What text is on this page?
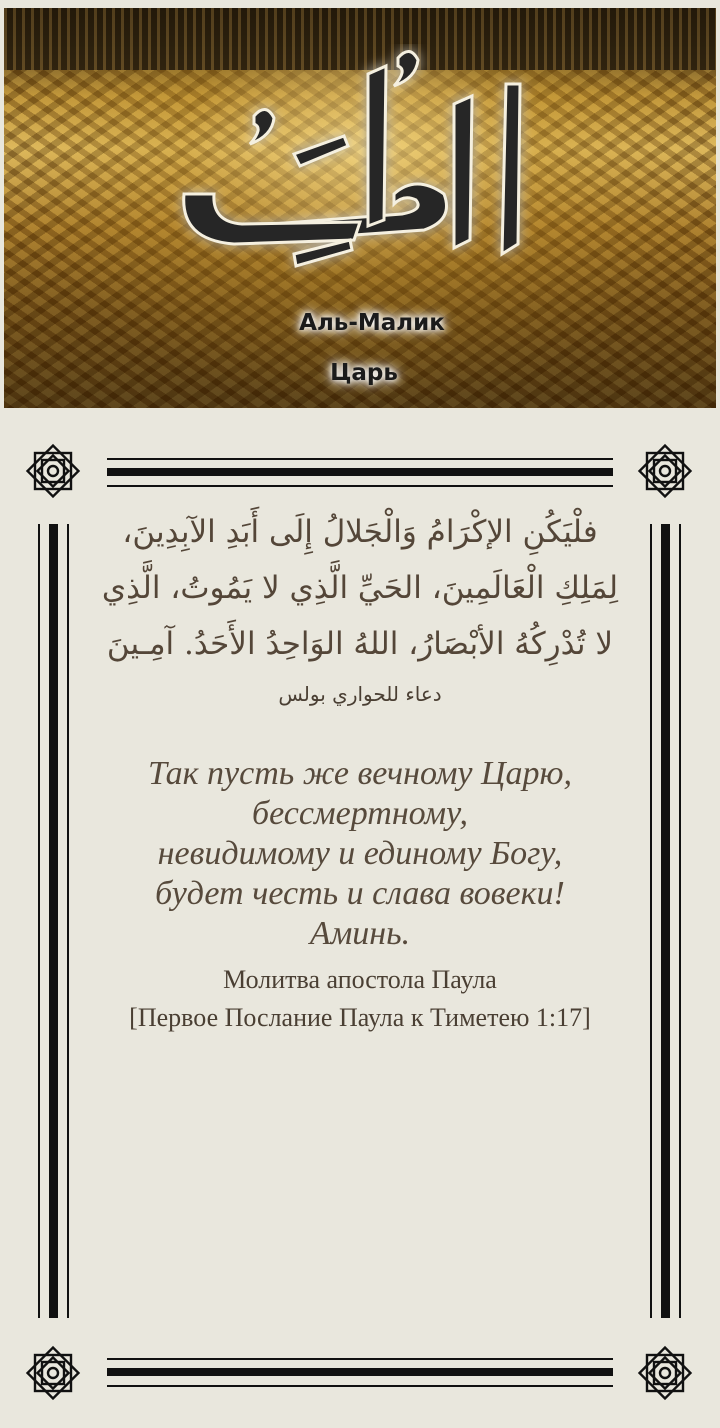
Аль-Малик
Царь
فلْيَكُنِ الإكْرَامُ وَالْجَلالُ إِلَى أَبَدِ الآبِدِينَ، لِمَلِكِ الْعَالَمِينَ، الحَيِّ الَّذِي لا يَمُوتُ، الَّذِي لا تُدْرِكُهُ الأبْصَارُ، اللهُ الوَاحِدُ الأَحَدُ. آمِـينَ
دعاء للحواري بولس
Так пусть же вечному Царю,
бессмертному,
невидимому и единому Богу,
будет честь и слава вовеки!
Аминь.
Молитва апостола Паула
[Первое Послание Паула к Тиметею 1:17]
